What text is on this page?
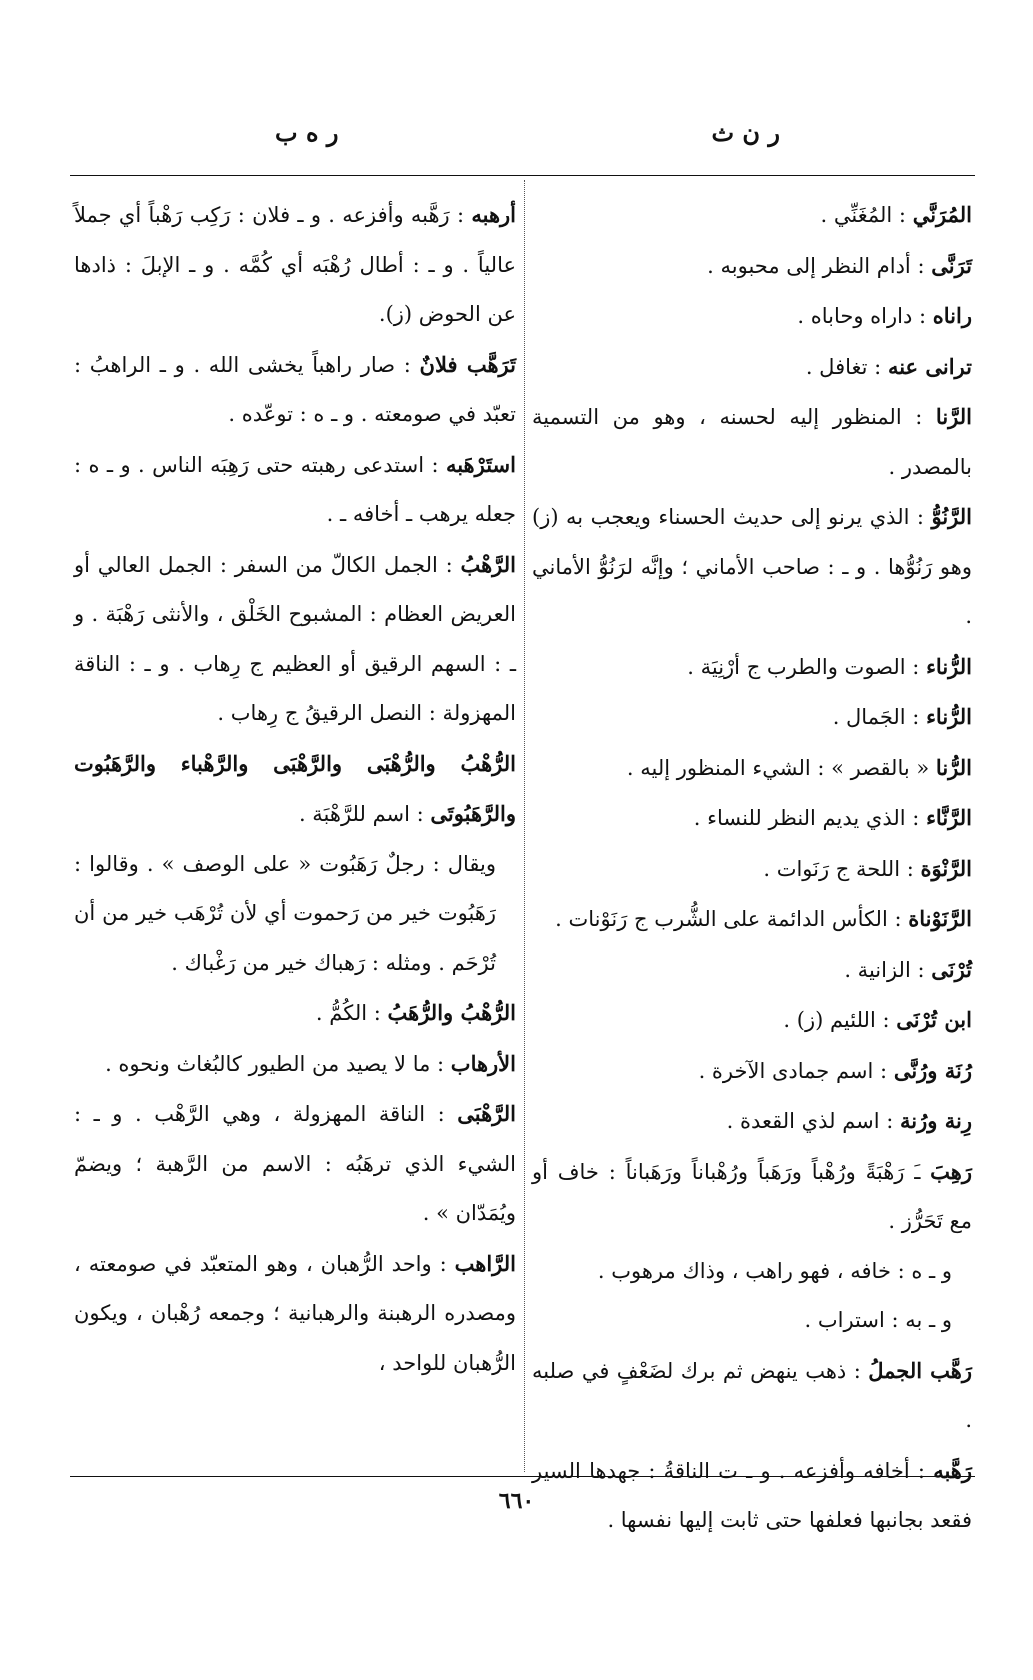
ر ن ث
ر ه ب

المُرَنَّي : المُغَنِّي .

تَرَنَّى : أدام النظر إلى محبوبه .

راناه : داراه وحاباه .

ترانى عنه : تغافل .

الرَّنا : المنظور إليه لحسنه ، وهو من التسمية بالمصدر .

الرَّنُوُّ : الذي يرنو إلى حديث الحسناء ويعجب به (ز) وهو رَنُوُّها . و ـ : صاحب الأماني ؛ وإنَّه لرَنُوُّ الأماني .

الرُّناء : الصوت والطرب ج أرْنِيَة .

الرُّناء : الجَمال .

الرُّنا « بالقصر » : الشيء المنظور إليه .

الرَّنَّاء : الذي يديم النظر للنساء .

الرَّنْوَة : اللحة ج رَنَوات .

الرَّنَوْناة : الكأس الدائمة على الشُّرب ج رَنَوْنات .

تُرْنَى : الزانية .

ابن تُرْنَى : اللئيم (ز) .

رُنَة ورُنَّى : اسم جمادى الآخرة .

رِنة ورُنة : اسم لذي القعدة .

رَهِبَ ـَ رَهْبَةً ورُهْباً ورَهَباً ورُهْباناً ورَهَباناً : خاف أو مع تَحَرُّز .

و ـ ه : خافه ، فهو راهب ، وذاك مرهوب .

و ـ به : استراب .

رَهَّب الجملُ : ذهب ينهض ثم برك لضَعْفٍ في صلبه .

رَهَّبه : أخافه وأفزعه . و ـ ت الناقةُ : جهدها السير فقعد بجانبها فعلفها حتى ثابت إليها نفسها .

أرهبه : رَهَّبه وأفزعه . و ـ فلان : رَكِب رَهْباً أي جملاً عالياً . و ـ : أطال رُهْبَه أي كُمَّه . و ـ الإبلَ : ذادها عن الحوض (ز).

تَرَهَّب فلانٌ : صار راهباً يخشى الله . و ـ الراهبُ : تعبّد في صومعته . و ـ ه : توعّده .

استَرْهَبه : استدعى رهبته حتى رَهِبَه الناس . و ـ ه : جعله يرهب ـ أخافه ـ .

الرَّهْبُ : الجمل الكالّ من السفر : الجمل العالي أو العريض العظام : المشبوح الخَلْق ، والأنثى رَهْبَة . و ـ : السهم الرقيق أو العظيم ج رِهاب . و ـ : الناقة المهزولة : النصل الرقيقُ ج رِهاب .

الرُّهْبُ والرُّهْبَى والرَّهْبَى والرَّهْباء والرَّهَبُوت والرَّهَبُوتَى : اسم للرَّهْبَة .

ويقال : رجلٌ رَهَبُوت « على الوصف » . وقالوا : رَهَبُوت خير من رَحموت أي لأن تُرْهَب خير من أن تُرْحَم . ومثله : رَهباك خير من رَغْباك .

الرُّهْبُ والرُّهَبُ : الكُمُّ .

الأرهاب : ما لا يصيد من الطيور كالبُغاث ونحوه .

الرَّهْبَى : الناقة المهزولة ، وهي الرَّهْب . و ـ : الشيء الذي ترهَبُه : الاسم من الرَّهبة ؛ ويضمّ ويُمَدّان » .

الرَّاهب : واحد الرُّهبان ، وهو المتعبّد في صومعته ، ومصدره الرهبنة والرهبانية ؛ وجمعه رُهْبان ، ويكون الرُّهبان للواحد ،

٦٦٠
